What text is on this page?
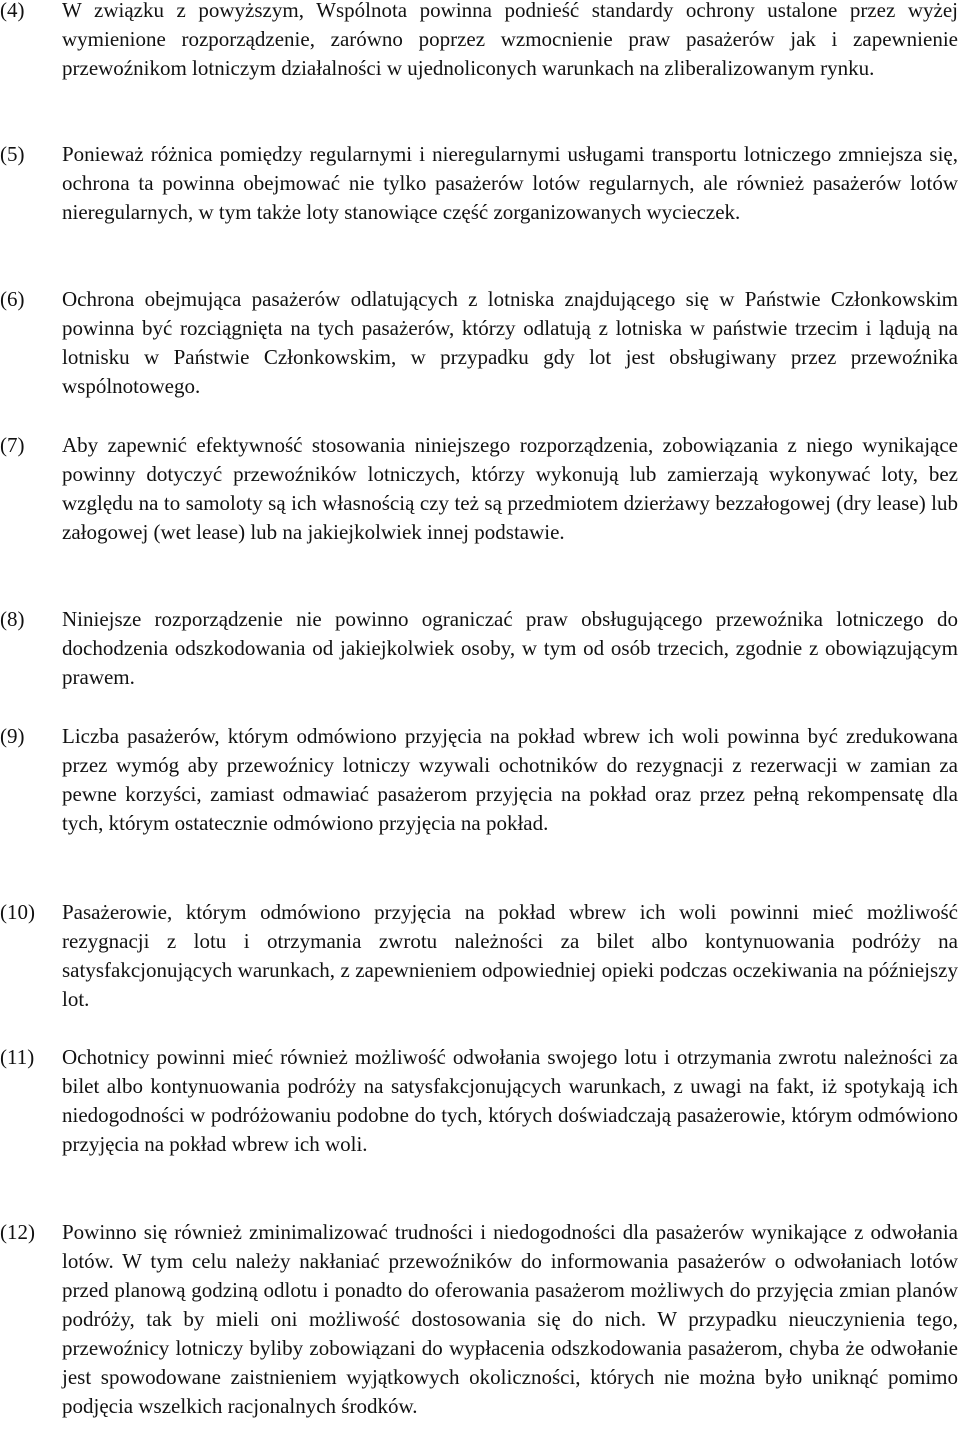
(4) W związku z powyższym, Wspólnota powinna podnieść standardy ochrony ustalone przez wyżej wymienione rozporządzenie, zarówno poprzez wzmocnienie praw pasażerów jak i zapewnienie przewoźnikom lotniczym działalności w ujednoliconych warunkach na zliberalizowanym rynku.
(5) Ponieważ różnica pomiędzy regularnymi i nieregularnymi usługami transportu lotniczego zmniejsza się, ochrona ta powinna obejmować nie tylko pasażerów lotów regularnych, ale również pasażerów lotów nieregularnych, w tym także loty stanowiące część zorganizowanych wycieczek.
(6) Ochrona obejmująca pasażerów odlatujących z lotniska znajdującego się w Państwie Członkowskim powinna być rozciągnięta na tych pasażerów, którzy odlatują z lotniska w państwie trzecim i lądują na lotnisku w Państwie Członkowskim, w przypadku gdy lot jest obsługiwany przez przewoźnika wspólnotowego.
(7) Aby zapewnić efektywność stosowania niniejszego rozporządzenia, zobowiązania z niego wynikające powinny dotyczyć przewoźników lotniczych, którzy wykonują lub zamierzają wykonywać loty, bez względu na to samoloty są ich własnością czy też są przedmiotem dzierżawy bezzałogowej (dry lease) lub załogowej (wet lease) lub na jakiejkolwiek innej podstawie.
(8) Niniejsze rozporządzenie nie powinno ograniczać praw obsługującego przewoźnika lotniczego do dochodzenia odszkodowania od jakiejkolwiek osoby, w tym od osób trzecich, zgodnie z obowiązującym prawem.
(9) Liczba pasażerów, którym odmówiono przyjęcia na pokład wbrew ich woli powinna być zredukowana przez wymóg aby przewoźnicy lotniczy wzywali ochotników do rezygnacji z rezerwacji w zamian za pewne korzyści, zamiast odmawiać pasażerom przyjęcia na pokład oraz przez pełną rekompensatę dla tych, którym ostatecznie odmówiono przyjęcia na pokład.
(10) Pasażerowie, którym odmówiono przyjęcia na pokład wbrew ich woli powinni mieć możliwość rezygnacji z lotu i otrzymania zwrotu należności za bilet albo kontynuowania podróży na satysfakcjonujących warunkach, z zapewnieniem odpowiedniej opieki podczas oczekiwania na późniejszy lot.
(11) Ochotnicy powinni mieć również możliwość odwołania swojego lotu i otrzymania zwrotu należności za bilet albo kontynuowania podróży na satysfakcjonujących warunkach, z uwagi na fakt, iż spotykają ich niedogodności w podróżowaniu podobne do tych, których doświadczają pasażerowie, którym odmówiono przyjęcia na pokład wbrew ich woli.
(12) Powinno się również zminimalizować trudności i niedogodności dla pasażerów wynikające z odwołania lotów. W tym celu należy nakłaniać przewoźników do informowania pasażerów o odwołaniach lotów przed planową godziną odlotu i ponadto do oferowania pasażerom możliwych do przyjęcia zmian planów podróży, tak by mieli oni możliwość dostosowania się do nich. W przypadku nieuczynienia tego, przewoźnicy lotniczy byliby zobowiązani do wypłacenia odszkodowania pasażerom, chyba że odwołanie jest spowodowane zaistnieniem wyjątkowych okoliczności, których nie można było uniknąć pomimo podjęcia wszelkich racjonalnych środków.
